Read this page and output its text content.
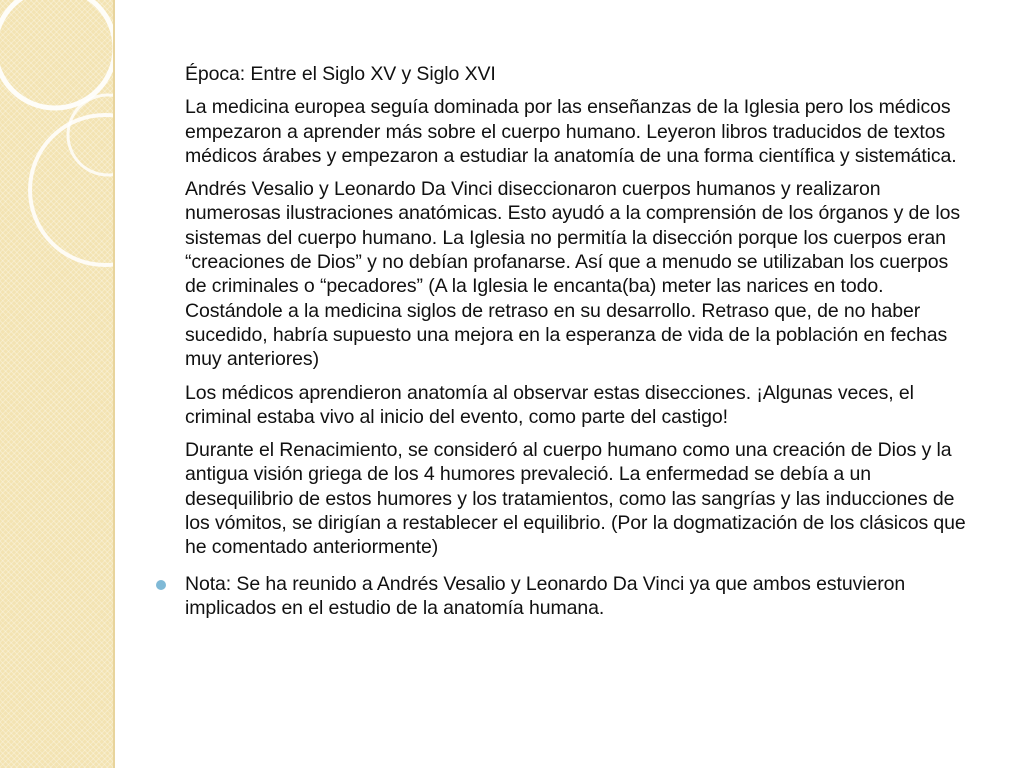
Época: Entre el Siglo XV y Siglo XVI

La medicina europea seguía dominada por las enseñanzas de la Iglesia pero los médicos empezaron a aprender más sobre el cuerpo humano. Leyeron libros traducidos de textos médicos árabes y empezaron a estudiar la anatomía de una forma científica y sistemática.

Andrés Vesalio y Leonardo Da Vinci diseccionaron cuerpos humanos y realizaron numerosas ilustraciones anatómicas. Esto ayudó a la comprensión de los órganos y de los sistemas del cuerpo humano. La Iglesia no permitía la disección porque los cuerpos eran “creaciones de Dios” y no debían profanarse. Así que a menudo se utilizaban los cuerpos de criminales o “pecadores” (A la Iglesia le encanta(ba) meter las narices en todo. Costándole a la medicina siglos de retraso en su desarrollo. Retraso que, de no haber sucedido, habría supuesto una mejora en la esperanza de vida de la población en fechas muy anteriores)

Los médicos aprendieron anatomía al observar estas disecciones. ¡Algunas veces, el criminal estaba vivo al inicio del evento, como parte del castigo!

Durante el Renacimiento, se consideró al cuerpo humano como una creación de Dios y la antigua visión griega de los 4 humores prevaleció. La enfermedad se debía a un desequilibrio de estos humores y los tratamientos, como las sangrías y las inducciones de los vómitos, se dirigían a restablecer el equilibrio. (Por la dogmatización de los clásicos que he comentado anteriormente)

Nota: Se ha reunido a Andrés Vesalio y Leonardo Da Vinci ya que ambos estuvieron implicados en el estudio de la anatomía humana.
